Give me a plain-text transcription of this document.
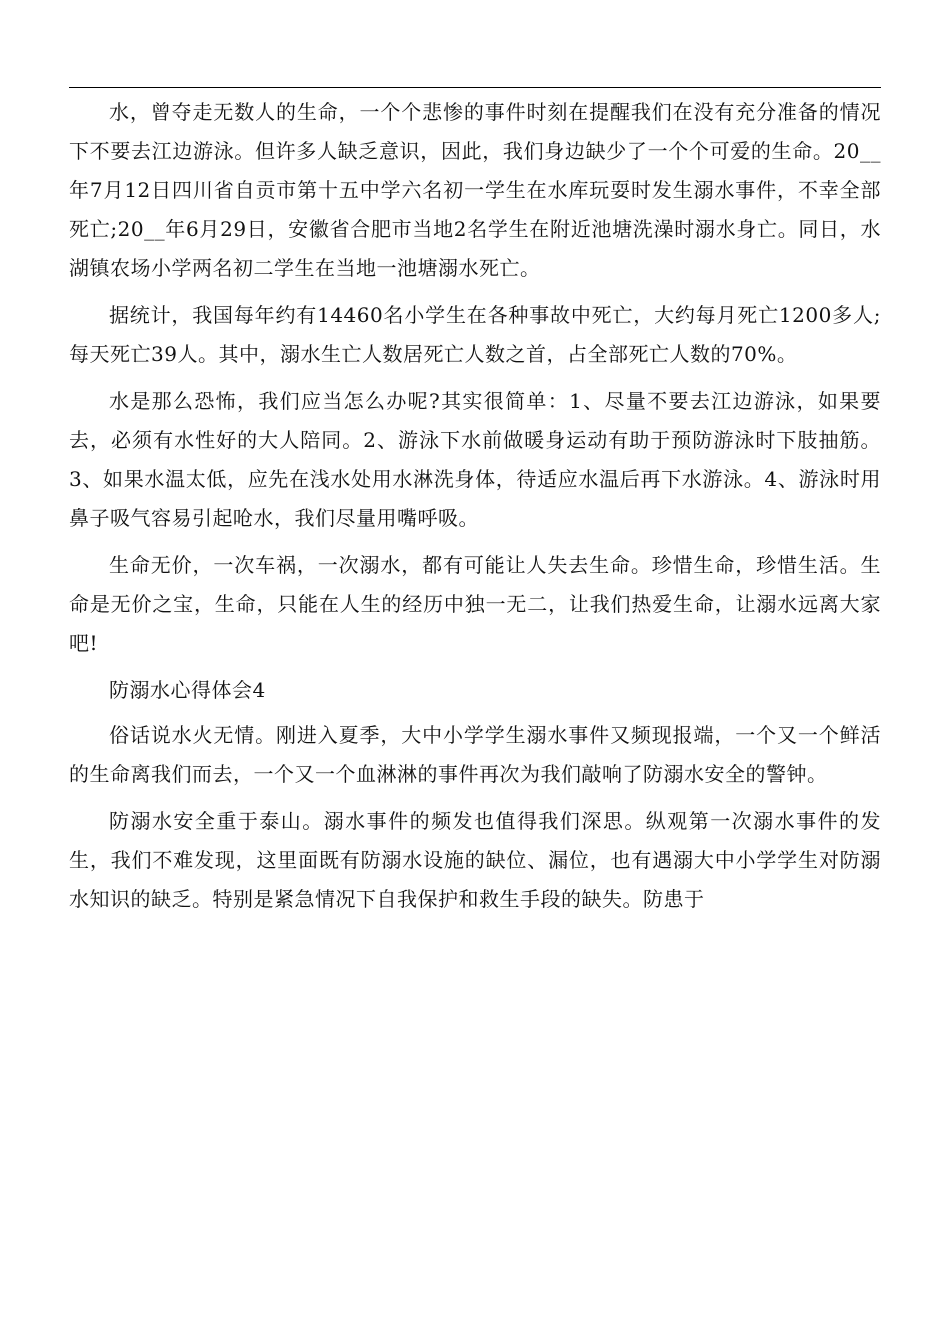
水，曾夺走无数人的生命，一个个悲惨的事件时刻在提醒我们在没有充分准备的情况下不要去江边游泳。但许多人缺乏意识，因此，我们身边缺少了一个个可爱的生命。20__年7月12日四川省自贡市第十五中学六名初一学生在水库玩耍时发生溺水事件，不幸全部死亡;20__年6月29日，安徽省合肥市当地2名学生在附近池塘洗澡时溺水身亡。同日，水湖镇农场小学两名初二学生在当地一池塘溺水死亡。

据统计，我国每年约有14460名小学生在各种事故中死亡，大约每月死亡1200多人;每天死亡39人。其中，溺水生亡人数居死亡人数之首，占全部死亡人数的70%。

水是那么恐怖，我们应当怎么办呢?其实很简单：1、尽量不要去江边游泳，如果要去，必须有水性好的大人陪同。2、游泳下水前做暖身运动有助于预防游泳时下肢抽筋。3、如果水温太低，应先在浅水处用水淋洗身体，待适应水温后再下水游泳。4、游泳时用鼻子吸气容易引起呛水，我们尽量用嘴呼吸。

生命无价，一次车祸，一次溺水，都有可能让人失去生命。珍惜生命，珍惜生活。生命是无价之宝，生命，只能在人生的经历中独一无二，让我们热爱生命，让溺水远离大家吧!

防溺水心得体会4

俗话说水火无情。刚进入夏季，大中小学学生溺水事件又频现报端，一个又一个鲜活的生命离我们而去，一个又一个血淋淋的事件再次为我们敲响了防溺水安全的警钟。

防溺水安全重于泰山。溺水事件的频发也值得我们深思。纵观第一次溺水事件的发生，我们不难发现，这里面既有防溺水设施的缺位、漏位，也有遇溺大中小学学生对防溺水知识的缺乏。特别是紧急情况下自我保护和救生手段的缺失。防患于
